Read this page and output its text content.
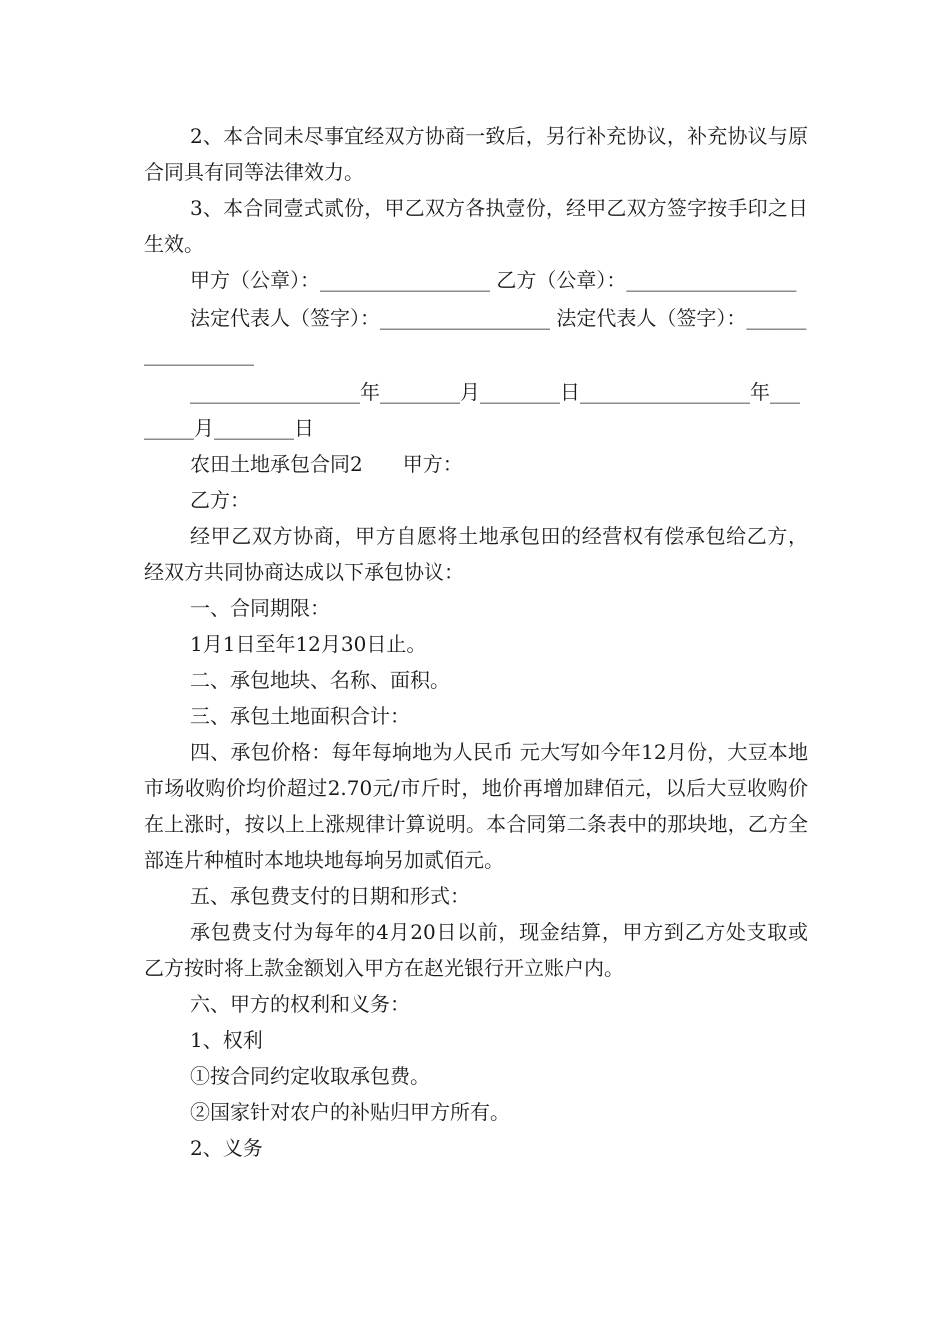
2、本合同未尽事宜经双方协商一致后，另行补充协议，补充协议与原合同具有同等法律效力。

3、本合同壹式贰份，甲乙双方各执壹份，经甲乙双方签字按手印之日生效。

甲方（公章）：_________________ 乙方（公章）：_________________

法定代表人（签字）：_________________ 法定代表人（签字）：_________________

_________________年________月________日_________________年________月________日

农田土地承包合同2　　甲方：

乙方：

经甲乙双方协商，甲方自愿将土地承包田的经营权有偿承包给乙方，经双方共同协商达成以下承包协议：

一、合同期限：

1月1日至年12月30日止。

二、承包地块、名称、面积。

三、承包土地面积合计：

四、承包价格：每年每垧地为人民币 元大写如今年12月份，大豆本地市场收购价均价超过2.70元/市斤时，地价再增加肆佰元，以后大豆收购价在上涨时，按以上上涨规律计算说明。本合同第二条表中的那块地，乙方全部连片种植时本地块地每垧另加贰佰元。

五、承包费支付的日期和形式：

承包费支付为每年的4月20日以前，现金结算，甲方到乙方处支取或乙方按时将上款金额划入甲方在赵光银行开立账户内。

六、甲方的权利和义务：

1、权利

①按合同约定收取承包费。

②国家针对农户的补贴归甲方所有。

2、义务
